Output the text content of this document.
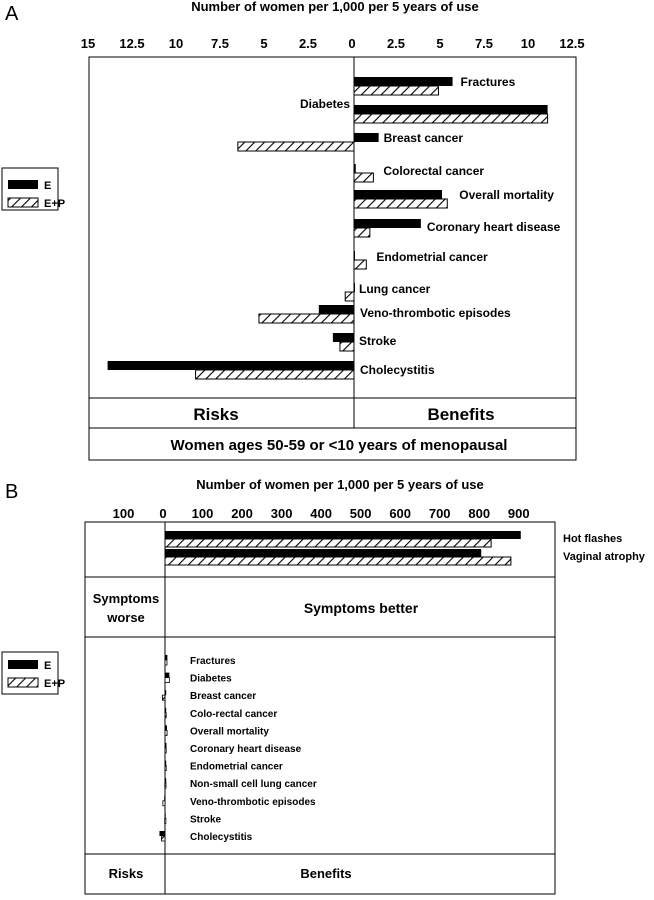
A	Number of women per 1,000 per 5 years of use
15 12.5 10 7.5 5 2.5 0 2.5 5 7.5 10 12.5
Fractures
Diabetes
Breast cancer
Colorectal cancer
Overall mortality
Coronary heart disease
Endometrial cancer
Lung cancer
Veno-thrombotic episodes
Stroke
Cholecystitis
Risks	Benefits
Women ages 50-59 or <10 years of menopausal
E
E+P
B	Number of women per 1,000 per 5 years of use
100 0 100 200 300 400 500 600 700 800 900
Hot flashes
Vaginal atrophy
Fractures
Diabetes
Breast cancer
Colo-rectal cancer
Overall mortality
Coronary heart disease
Endometrial cancer
Non-small cell lung cancer
Veno-thrombotic episodes
Stroke
Cholecystitis
Symptoms worse
Symptoms better
Risks	Benefits
E
E+P
